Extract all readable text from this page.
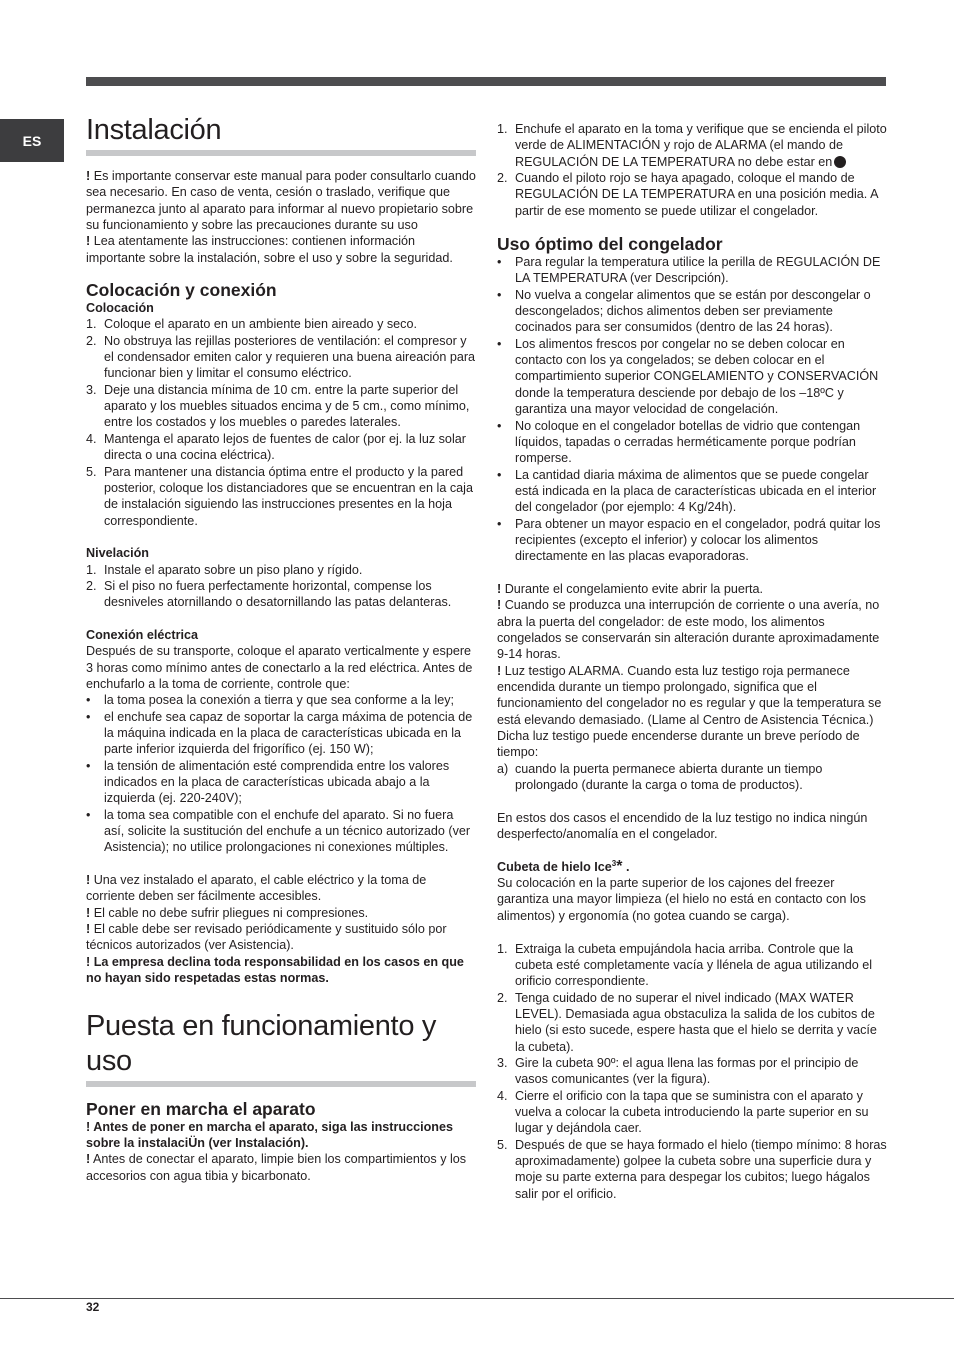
ES	Instalación

! Es importante conservar este manual para poder consultarlo cuando sea necesario. En caso de venta, cesión o traslado, verifique que permanezca junto al aparato para informar al nuevo propietario sobre su funcionamiento y sobre las precauciones durante su uso

! Lea atentamente las instrucciones: contienen información importante sobre la instalación, sobre el uso y sobre la seguridad.

Colocación y conexión
Colocación
1. Coloque el aparato en un ambiente bien aireado y seco.
2. No obstruya las rejillas posteriores de ventilación: el compresor y el condensador emiten calor y requieren una buena aireación para funcionar bien y limitar el consumo eléctrico.
3. Deje una distancia mínima de 10 cm. entre la parte superior del aparato y los muebles situados encima y de 5 cm., como mínimo, entre los costados y los muebles o paredes laterales.
4. Mantenga el aparato lejos de fuentes de calor (por ej. la luz solar directa o una cocina eléctrica).
5. Para mantener una distancia óptima entre el producto y la pared posterior, coloque los distanciadores que se encuentran en la caja de instalación siguiendo las instrucciones presentes en la hoja correspondiente.
Nivelación
1. Instale el aparato sobre un piso plano y rígido.
2. Si el piso no fuera perfectamente horizontal, compense los desniveles atornillando o desatornillando las patas delanteras.
Conexión eléctrica

Después de su transporte, coloque el aparato verticalmente y espere 3 horas como mínimo antes de conectarlo a la red eléctrica. Antes de enchufarlo a la toma de corriente, controle que:

• la toma posea la conexión a tierra y que sea conforme a la ley;
• el enchufe sea capaz de soportar la carga máxima de potencia de la máquina indicada en la placa de características ubicada en la parte inferior izquierda del frigorífico (ej. 150 W);
• la tensión de alimentación esté comprendida entre los valores indicados en la placa de características ubicada abajo a la izquierda (ej. 220-240V);
• la toma sea compatible con el enchufe del aparato. Si no fuera así, solicite la sustitución del enchufe a un técnico autorizado (ver Asistencia); no utilice prolongaciones ni conexiones múltiples.

! Una vez instalado el aparato, el cable eléctrico y la toma de corriente deben ser fácilmente accesibles.

! El cable no debe sufrir pliegues ni compresiones.

! El cable debe ser revisado periódicamente y sustituido sólo por técnicos autorizados (ver Asistencia).

! La empresa declina toda responsabilidad en los casos en que no hayan sido respetadas estas normas.

Puesta en funcionamiento y uso
Poner en marcha el aparato

! Antes de poner en marcha el aparato, siga las instrucciones sobre la instalaciÜn (ver Instalación).

! Antes de conectar el aparato, limpie bien los compartimientos y los accesorios con agua tibia y bicarbonato.

1. Enchufe el aparato en la toma y verifique que se encienda el piloto verde de ALIMENTACIÓN y rojo de ALARMA (el mando de REGULACIÓN DE LA TEMPERATURA no debe estar en
2. Cuando el piloto rojo se haya apagado, coloque el mando de REGULACIÓN DE LA TEMPERATURA en una posición media. A partir de ese momento se puede utilizar el congelador.
Uso óptimo del congelador
• Para regular la temperatura utilice la perilla de REGULACIÓN DE LA TEMPERATURA (ver Descripción).
• No vuelva a congelar alimentos que se están por descongelar o descongelados; dichos alimentos deben ser previamente cocinados para ser consumidos (dentro de las 24 horas).
• Los alimentos frescos por congelar no se deben colocar en contacto con los ya congelados; se deben colocar en el compartimiento superior CONGELAMIENTO y CONSERVACIÓN donde la temperatura desciende por debajo de los –18ºC y garantiza una mayor velocidad de congelación.
• No coloque en el congelador botellas de vidrio que contengan líquidos, tapadas o cerradas herméticamente porque podrían romperse.
• La cantidad diaria máxima de alimentos que se puede congelar está indicada en la placa de características ubicada en el interior del congelador (por ejemplo: 4 Kg/24h).
• Para obtener un mayor espacio en el congelador, podrá quitar los recipientes (excepto el inferior) y colocar los alimentos directamente en las placas evaporadoras.

! Durante el congelamiento evite abrir la puerta.

! Cuando se produzca una interrupción de corriente o una avería, no abra la puerta del congelador: de este modo, los alimentos congelados se conservarán sin alteración durante aproximadamente 9-14 horas.

! Luz testigo ALARMA. Cuando esta luz testigo roja permanece encendida durante un tiempo prolongado, significa que el funcionamiento del congelador no es regular y que la temperatura se está elevando demasiado. (Llame al Centro de Asistencia Técnica.)

Dicha luz testigo puede encenderse durante un breve período de tiempo:

a) cuando la puerta permanece abierta durante un tiempo prolongado (durante la carga o toma de productos).

En estos dos casos el encendido de la luz testigo no indica ningún desperfecto/anomalía en el congelador.

Cubeta de hielo Ice$^3$* .

Su colocación en la parte superior de los cajones del freezer garantiza una mayor limpieza (el hielo no está en contacto con los alimentos) y ergonomía (no gotea cuando se carga).

1. Extraiga la cubeta empujándola hacia arriba. Controle que la cubeta esté completamente vacía y llénela de agua utilizando el orificio correspondiente.
2. Tenga cuidado de no superar el nivel indicado (MAX WATER LEVEL). Demasiada agua obstaculiza la salida de los cubitos de hielo (si esto sucede, espere hasta que el hielo se derrita y vacíe la cubeta).
3. Gire la cubeta 90º: el agua llena las formas por el principio de vasos comunicantes (ver la figura).
4. Cierre el orificio con la tapa que se suministra con el aparato y vuelva a colocar la cubeta introduciendo la parte superior en su lugar y dejándola caer.
5. Después de que se haya formado el hielo (tiempo mínimo: 8 horas aproximadamente) golpee la cubeta sobre una superficie dura y moje su parte externa para despegar los cubitos; luego hágalos salir por el orificio.
32
